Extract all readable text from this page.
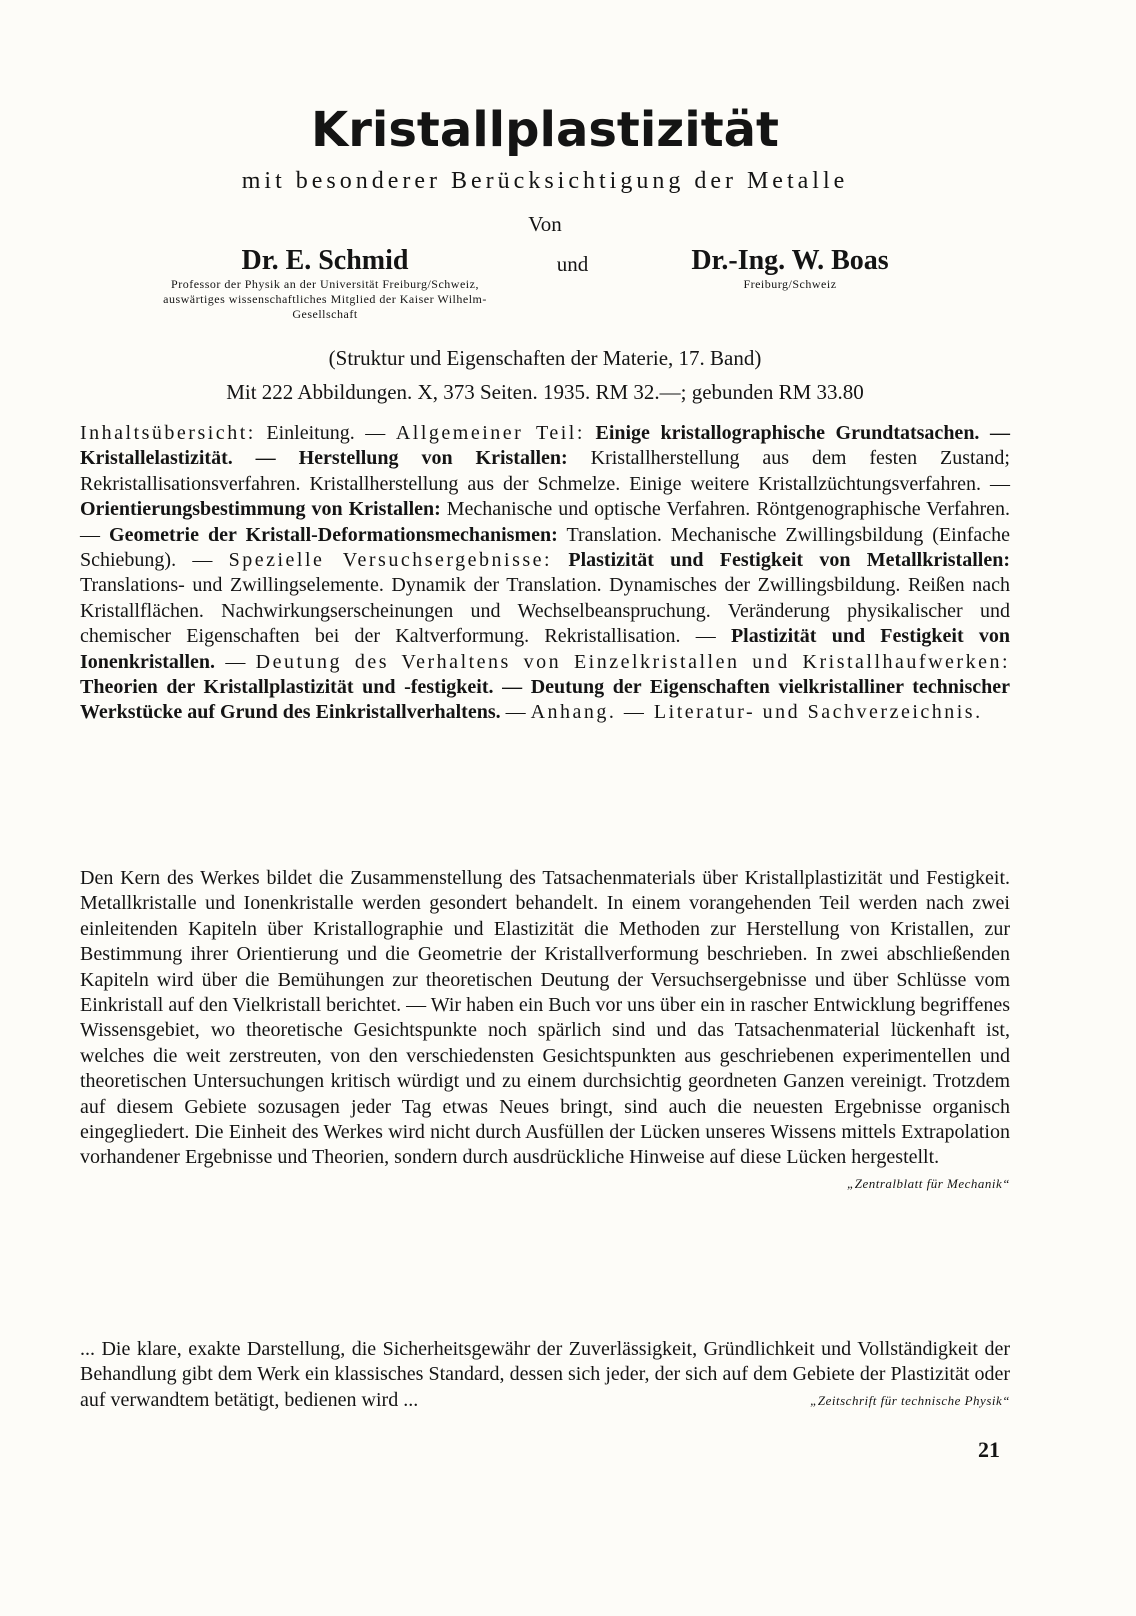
Kristallplastizität
mit besonderer Berücksichtigung der Metalle
Von
Dr. E. Schmid
Professor der Physik an der Universität Freiburg/Schweiz, auswärtiges wissenschaftliches Mitglied der Kaiser Wilhelm-Gesellschaft
und	Dr.-Ing. W. Boas
Freiburg/Schweiz
(Struktur und Eigenschaften der Materie, 17. Band)
Mit 222 Abbildungen. X, 373 Seiten. 1935. RM 32.—; gebunden RM 33.80
Inhaltsübersicht: Einleitung. — Allgemeiner Teil: Einige kristallographische Grundtatsachen. — Kristallelastizität. — Herstellung von Kristallen: Kristallherstellung aus dem festen Zustand; Rekristallisationsverfahren. Kristallherstellung aus der Schmelze. Einige weitere Kristallzüchtungsverfahren. — Orientierungsbestimmung von Kristallen: Mechanische und optische Verfahren. Röntgenographische Verfahren. — Geometrie der Kristall-Deformationsmechanismen: Translation. Mechanische Zwillingsbildung (Einfache Schiebung). — Spezielle Versuchsergebnisse: Plastizität und Festigkeit von Metallkristallen: Translations- und Zwillingselemente. Dynamik der Translation. Dynamisches der Zwillingsbildung. Reißen nach Kristallflächen. Nachwirkungserscheinungen und Wechselbeanspruchung. Veränderung physikalischer und chemischer Eigenschaften bei der Kaltverformung. Rekristallisation. — Plastizität und Festigkeit von Ionenkristallen. — Deutung des Verhaltens von Einzelkristallen und Kristallhaufwerken: Theorien der Kristallplastizität und -festigkeit. — Deutung der Eigenschaften vielkristalliner technischer Werkstücke auf Grund des Einkristallverhaltens. — Anhang. — Literatur- und Sachverzeichnis.
Den Kern des Werkes bildet die Zusammenstellung des Tatsachenmaterials über Kristallplastizität und Festigkeit. Metallkristalle und Ionenkristalle werden gesondert behandelt. In einem vorangehenden Teil werden nach zwei einleitenden Kapiteln über Kristallographie und Elastizität die Methoden zur Herstellung von Kristallen, zur Bestimmung ihrer Orientierung und die Geometrie der Kristallverformung beschrieben. In zwei abschließenden Kapiteln wird über die Bemühungen zur theoretischen Deutung der Versuchsergebnisse und über Schlüsse vom Einkristall auf den Vielkristall berichtet. — Wir haben ein Buch vor uns über ein in rascher Entwicklung begriffenes Wissensgebiet, wo theoretische Gesichtspunkte noch spärlich sind und das Tatsachenmaterial lückenhaft ist, welches die weit zerstreuten, von den verschiedensten Gesichtspunkten aus geschriebenen experimentellen und theoretischen Untersuchungen kritisch würdigt und zu einem durchsichtig geordneten Ganzen vereinigt. Trotzdem auf diesem Gebiete sozusagen jeder Tag etwas Neues bringt, sind auch die neuesten Ergebnisse organisch eingegliedert. Die Einheit des Werkes wird nicht durch Ausfüllen der Lücken unseres Wissens mittels Extrapolation vorhandener Ergebnisse und Theorien, sondern durch ausdrückliche Hinweise auf diese Lücken hergestellt.
„Zentralblatt für Mechanik“
... Die klare, exakte Darstellung, die Sicherheitsgewähr der Zuverlässigkeit, Gründlichkeit und Vollständigkeit der Behandlung gibt dem Werk ein klassisches Standard, dessen sich jeder, der sich auf dem Gebiete der Plastizität oder auf verwandtem betätigt, bedienen wird ...	„Zeitschrift für technische Physik“
21
